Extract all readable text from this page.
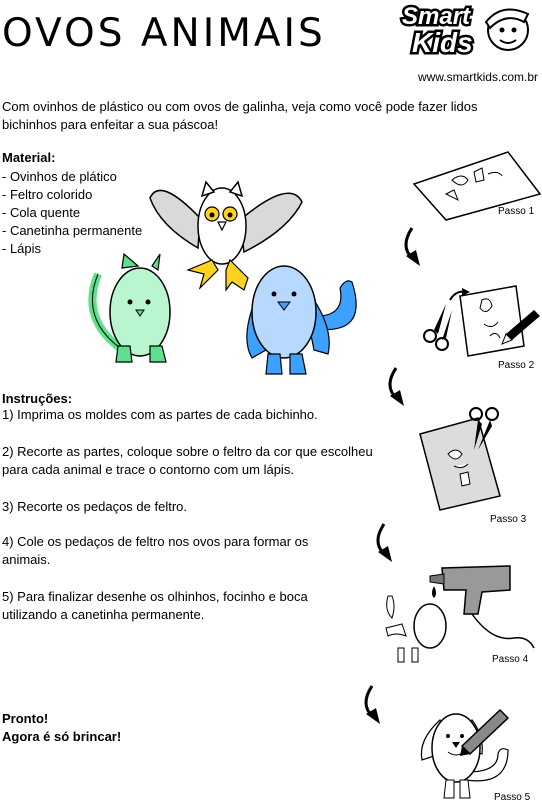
OVOS ANIMAIS	Smart
Kids
www.smartkids.com.br
Com ovinhos de plástico ou com ovos de galinha, veja como você pode fazer lidos bichinhos para enfeitar a sua páscoa!
Material:
- Ovinhos de plático
- Feltro colorido
- Cola quente
- Canetinha permanente
- Lápis
Instruções:
1) Imprima os moldes com as partes de cada bichinho.
2) Recorte as partes, coloque sobre o feltro da cor que escolheu para cada animal e trace o contorno com um lápis.
3) Recorte os pedaços de feltro.
4) Cole os pedaços de feltro nos ovos para formar os animais.
5) Para finalizar desenhe os olhinhos, focinho e boca utilizando a canetinha permanente.
Pronto!
Agora é só brincar!
Passo 1
Passo 2
Passo 3
Passo 4
Passo 5
